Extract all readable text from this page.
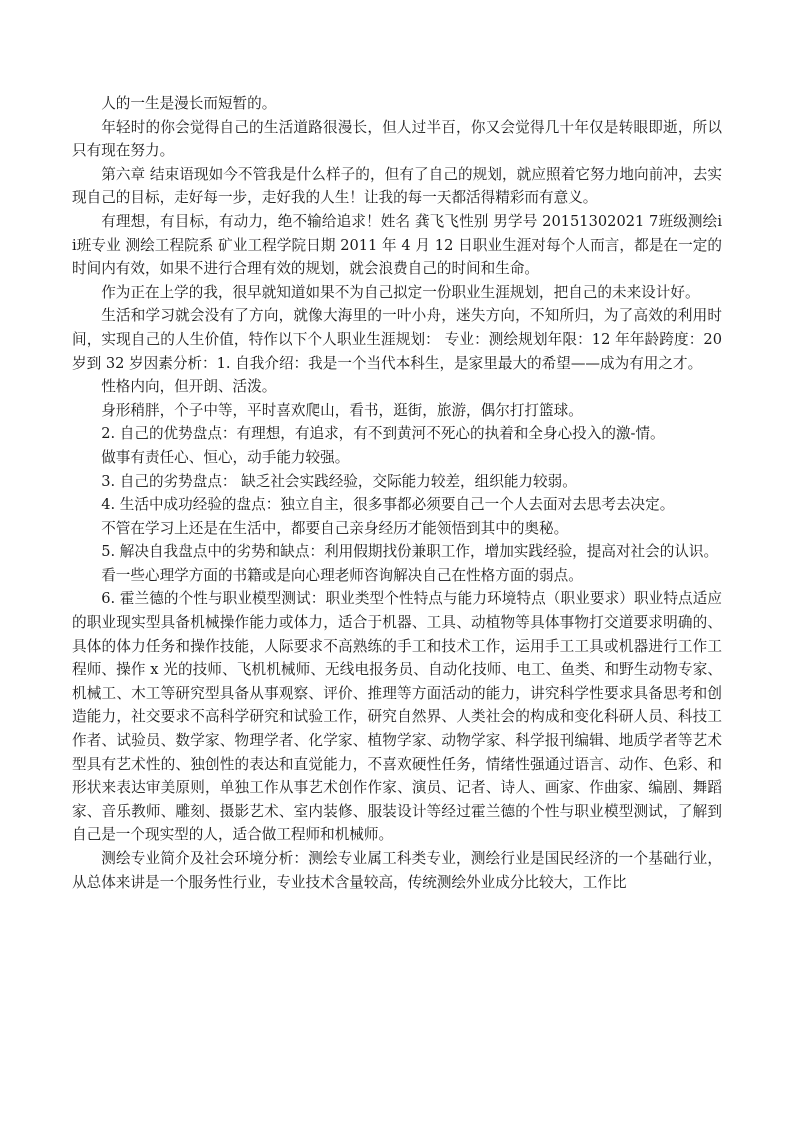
人的一生是漫长而短暂的。

年轻时的你会觉得自己的生活道路很漫长，但人过半百，你又会觉得几十年仅是转眼即逝，所以只有现在努力。

第六章 结束语现如今不管我是什么样子的，但有了自己的规划，就应照着它努力地向前冲，去实现自己的目标，走好每一步，走好我的人生！让我的每一天都活得精彩而有意义。

有理想，有目标，有动力，绝不输给追求！姓名 龚飞飞性别 男学号 20151302021 7班级测绘ii班专业 测绘工程院系 矿业工程学院日期 2011 年 4 月 12 日职业生涯对每个人而言，都是在一定的时间内有效，如果不进行合理有效的规划，就会浪费自己的时间和生命。

作为正在上学的我，很早就知道如果不为自己拟定一份职业生涯规划，把自己的未来设计好。

生活和学习就会没有了方向，就像大海里的一叶小舟，迷失方向，不知所归，为了高效的利用时间，实现自己的人生价值，特作以下个人职业生涯规划： 专业：测绘规划年限：12 年年龄跨度：20 岁到 32 岁因素分析：1. 自我介绍：我是一个当代本科生，是家里最大的希望——成为有用之才。

性格内向，但开朗、活泼。

身形稍胖，个子中等，平时喜欢爬山，看书，逛街，旅游，偶尔打打篮球。

2. 自己的优势盘点：有理想，有追求，有不到黄河不死心的执着和全身心投入的激-情。

做事有责任心、恒心，动手能力较强。

3. 自己的劣势盘点： 缺乏社会实践经验，交际能力较差，组织能力较弱。

4. 生活中成功经验的盘点：独立自主，很多事都必须要自己一个人去面对去思考去决定。

不管在学习上还是在生活中，都要自己亲身经历才能领悟到其中的奥秘。

5. 解决自我盘点中的劣势和缺点：利用假期找份兼职工作，增加实践经验，提高对社会的认识。

看一些心理学方面的书籍或是向心理老师咨询解决自己在性格方面的弱点。

6. 霍兰德的个性与职业模型测试：职业类型个性特点与能力环境特点（职业要求）职业特点适应的职业现实型具备机械操作能力或体力，适合于机器、工具、动植物等具体事物打交道要求明确的、具体的体力任务和操作技能，人际要求不高熟练的手工和技术工作，运用手工工具或机器进行工作工程师、操作 x 光的技师、飞机机械师、无线电报务员、自动化技师、电工、鱼类、和野生动物专家、机械工、木工等研究型具备从事观察、评价、推理等方面活动的能力，讲究科学性要求具备思考和创造能力，社交要求不高科学研究和试验工作，研究自然界、人类社会的构成和变化科研人员、科技工作者、试验员、数学家、物理学者、化学家、植物学家、动物学家、科学报刊编辑、地质学者等艺术型具有艺术性的、独创性的表达和直觉能力，不喜欢硬性任务，情绪性强通过语言、动作、色彩、和形状来表达审美原则，单独工作从事艺术创作作家、演员、记者、诗人、画家、作曲家、编剧、舞蹈家、音乐教师、雕刻、摄影艺术、室内装修、服装设计等经过霍兰德的个性与职业模型测试，了解到自己是一个现实型的人，适合做工程师和机械师。

测绘专业简介及社会环境分析：测绘专业属工科类专业，测绘行业是国民经济的一个基础行业，从总体来讲是一个服务性行业，专业技术含量较高，传统测绘外业成分比较大，工作比
